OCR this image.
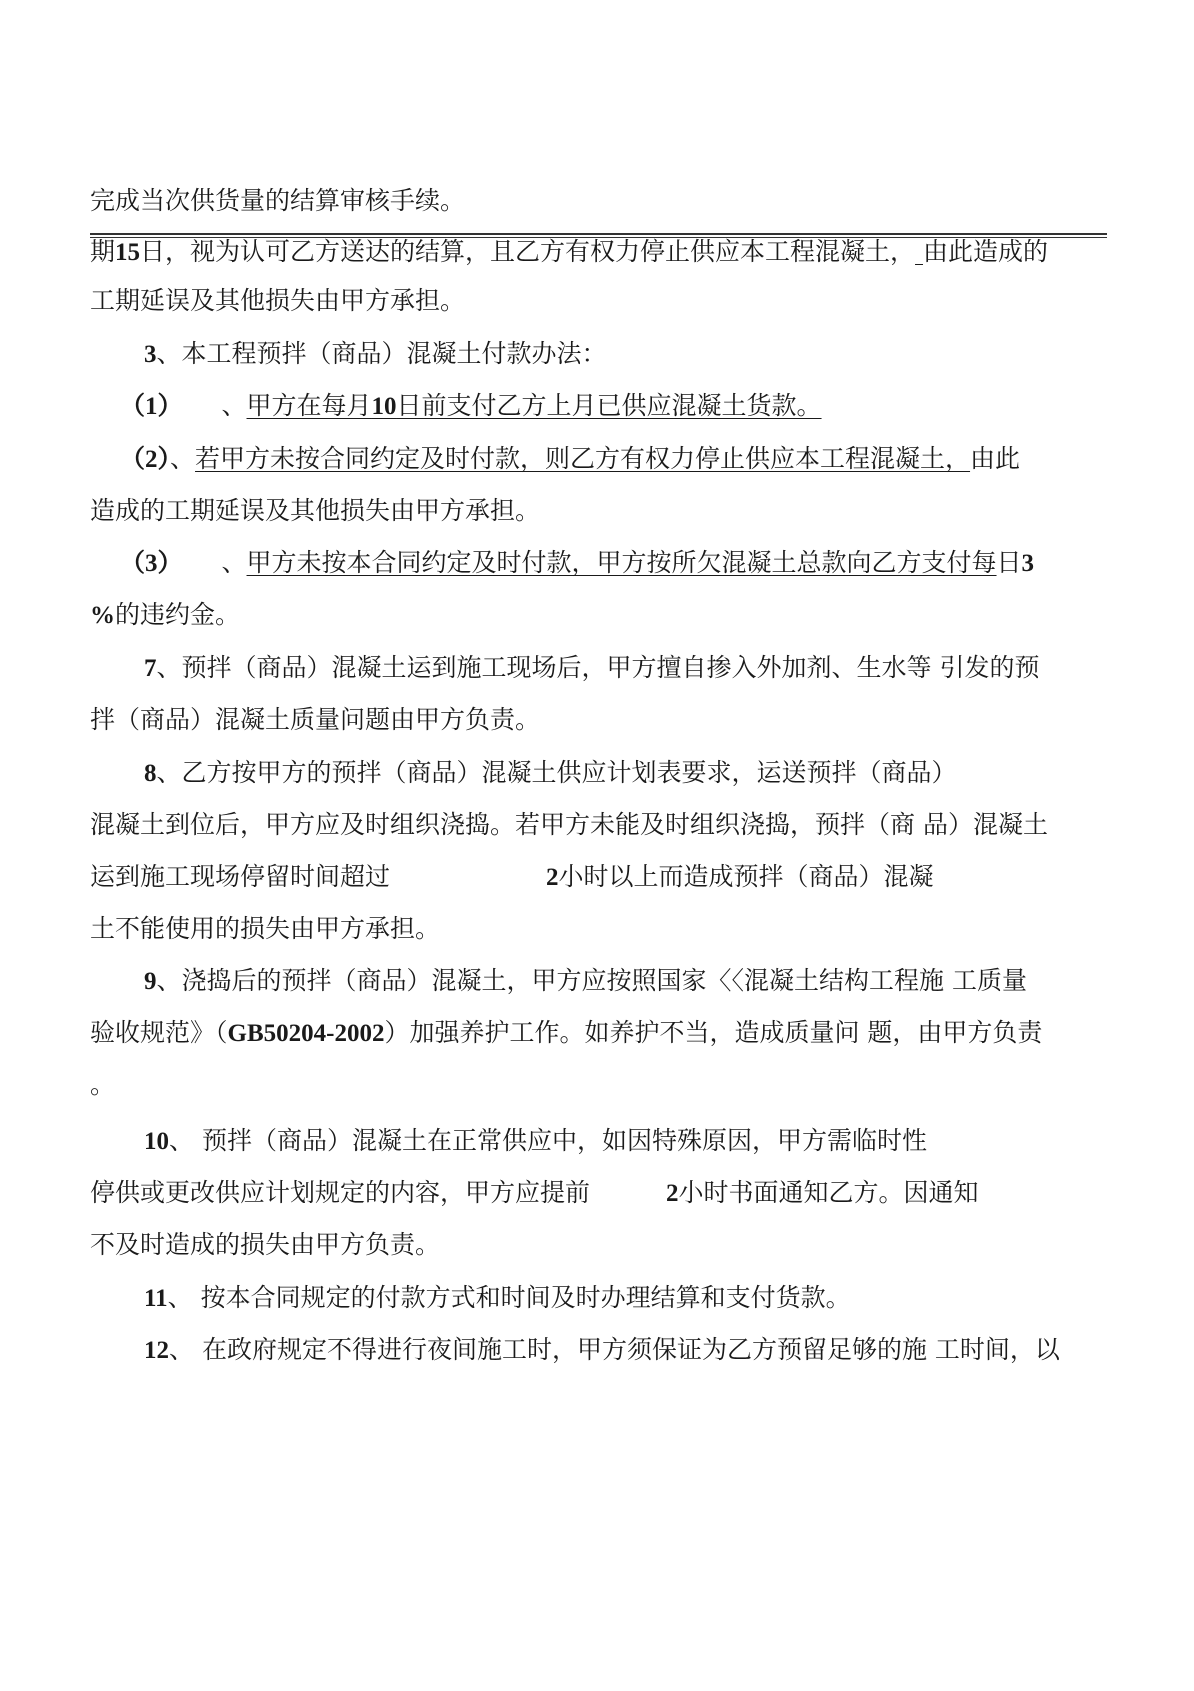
完成当次供货量的结算审核手续。

期15日，视为认可乙方送达的结算，且乙方有权力停止供应本工程混凝土， 由此造成的

工期延误及其他损失由甲方承担。

3、本工程预拌（商品）混凝土付款办法：

（1） 、甲方在每月10日前支付乙方上月已供应混凝土货款。

（2）、若甲方未按合同约定及时付款，则乙方有权力停止供应本工程混凝土，由此

造成的工期延误及其他损失由甲方承担。

（3） 、甲方未按本合同约定及时付款，甲方按所欠混凝土总款向乙方支付每日3

%的违约金。

7、预拌（商品）混凝土运到施工现场后，甲方擅自掺入外加剂、生水等 引发的预

拌（商品）混凝土质量问题由甲方负责。

8、乙方按甲方的预拌（商品）混凝土供应计划表要求，运送预拌（商品）

混凝土到位后，甲方应及时组织浇捣。若甲方未能及时组织浇捣，预拌（商 品）混凝土

运到施工现场停留时间超过	2小时以上而造成预拌（商品）混凝

土不能使用的损失由甲方承担。

9、浇捣后的预拌（商品）混凝土，甲方应按照国家〈〈混凝土结构工程施 工质量

验收规范》（GB50204-2002）加强养护工作。如养护不当，造成质量问 题，由甲方负责

。

10、 预拌（商品）混凝土在正常供应中，如因特殊原因，甲方需临时性

停供或更改供应计划规定的内容，甲方应提前	2小时书面通知乙方。因通知

不及时造成的损失由甲方负责。

11、 按本合同规定的付款方式和时间及时办理结算和支付货款。

12、 在政府规定不得进行夜间施工时，甲方须保证为乙方预留足够的施 工时间，以
